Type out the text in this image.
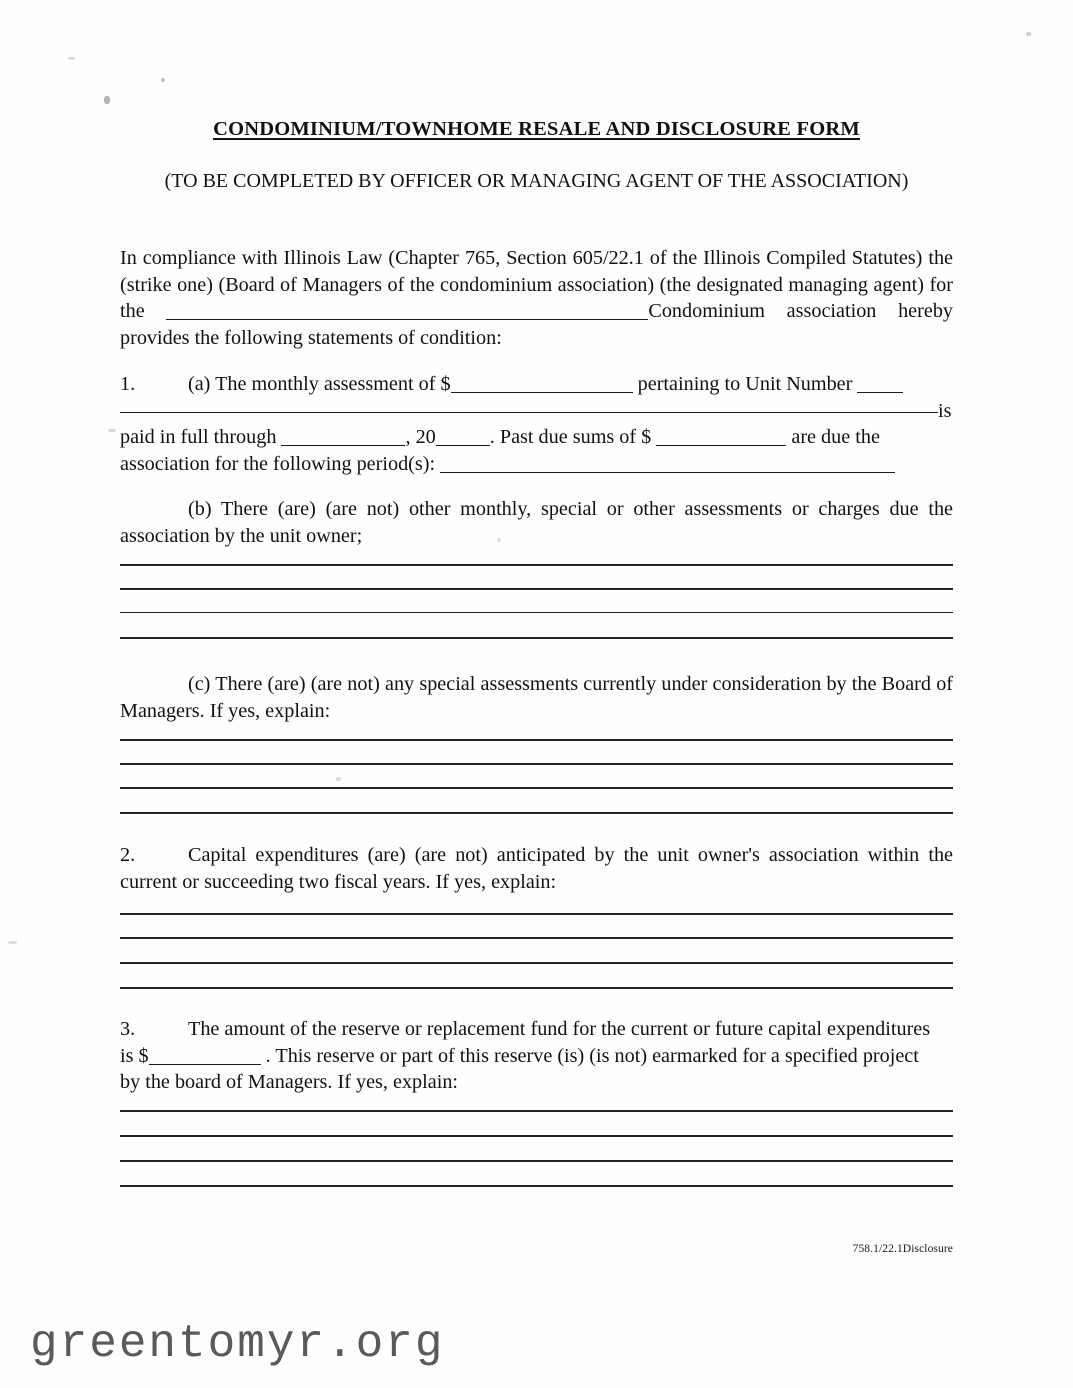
CONDOMINIUM/TOWNHOME RESALE AND DISCLOSURE FORM
(TO BE COMPLETED BY OFFICER OR MANAGING AGENT OF THE ASSOCIATION)
In compliance with Illinois Law (Chapter 765, Section 605/22.1 of the Illinois Compiled Statutes) the (strike one) (Board of Managers of the condominium association) (the designated managing agent) for the	Condominium association hereby provides the following statements of condition:
1.	(a) The monthly assessment of $	pertaining to Unit Number
is
paid in full through	, 20	. Past due sums of $	are due the
association for the following period(s):
(b) There (are) (are not) other monthly, special or other assessments or charges due the association by the unit owner;
(c) There (are) (are not) any special assessments currently under consideration by the Board of Managers. If yes, explain:
2.	Capital expenditures (are) (are not) anticipated by the unit owner's association within the current or succeeding two fiscal years. If yes, explain:
3.	The amount of the reserve or replacement fund for the current or future capital expenditures
is $	. This reserve or part of this reserve (is) (is not) earmarked for a specified project
by the board of Managers. If yes, explain:
758.1/22.1Disclosure
greentomyr.org
